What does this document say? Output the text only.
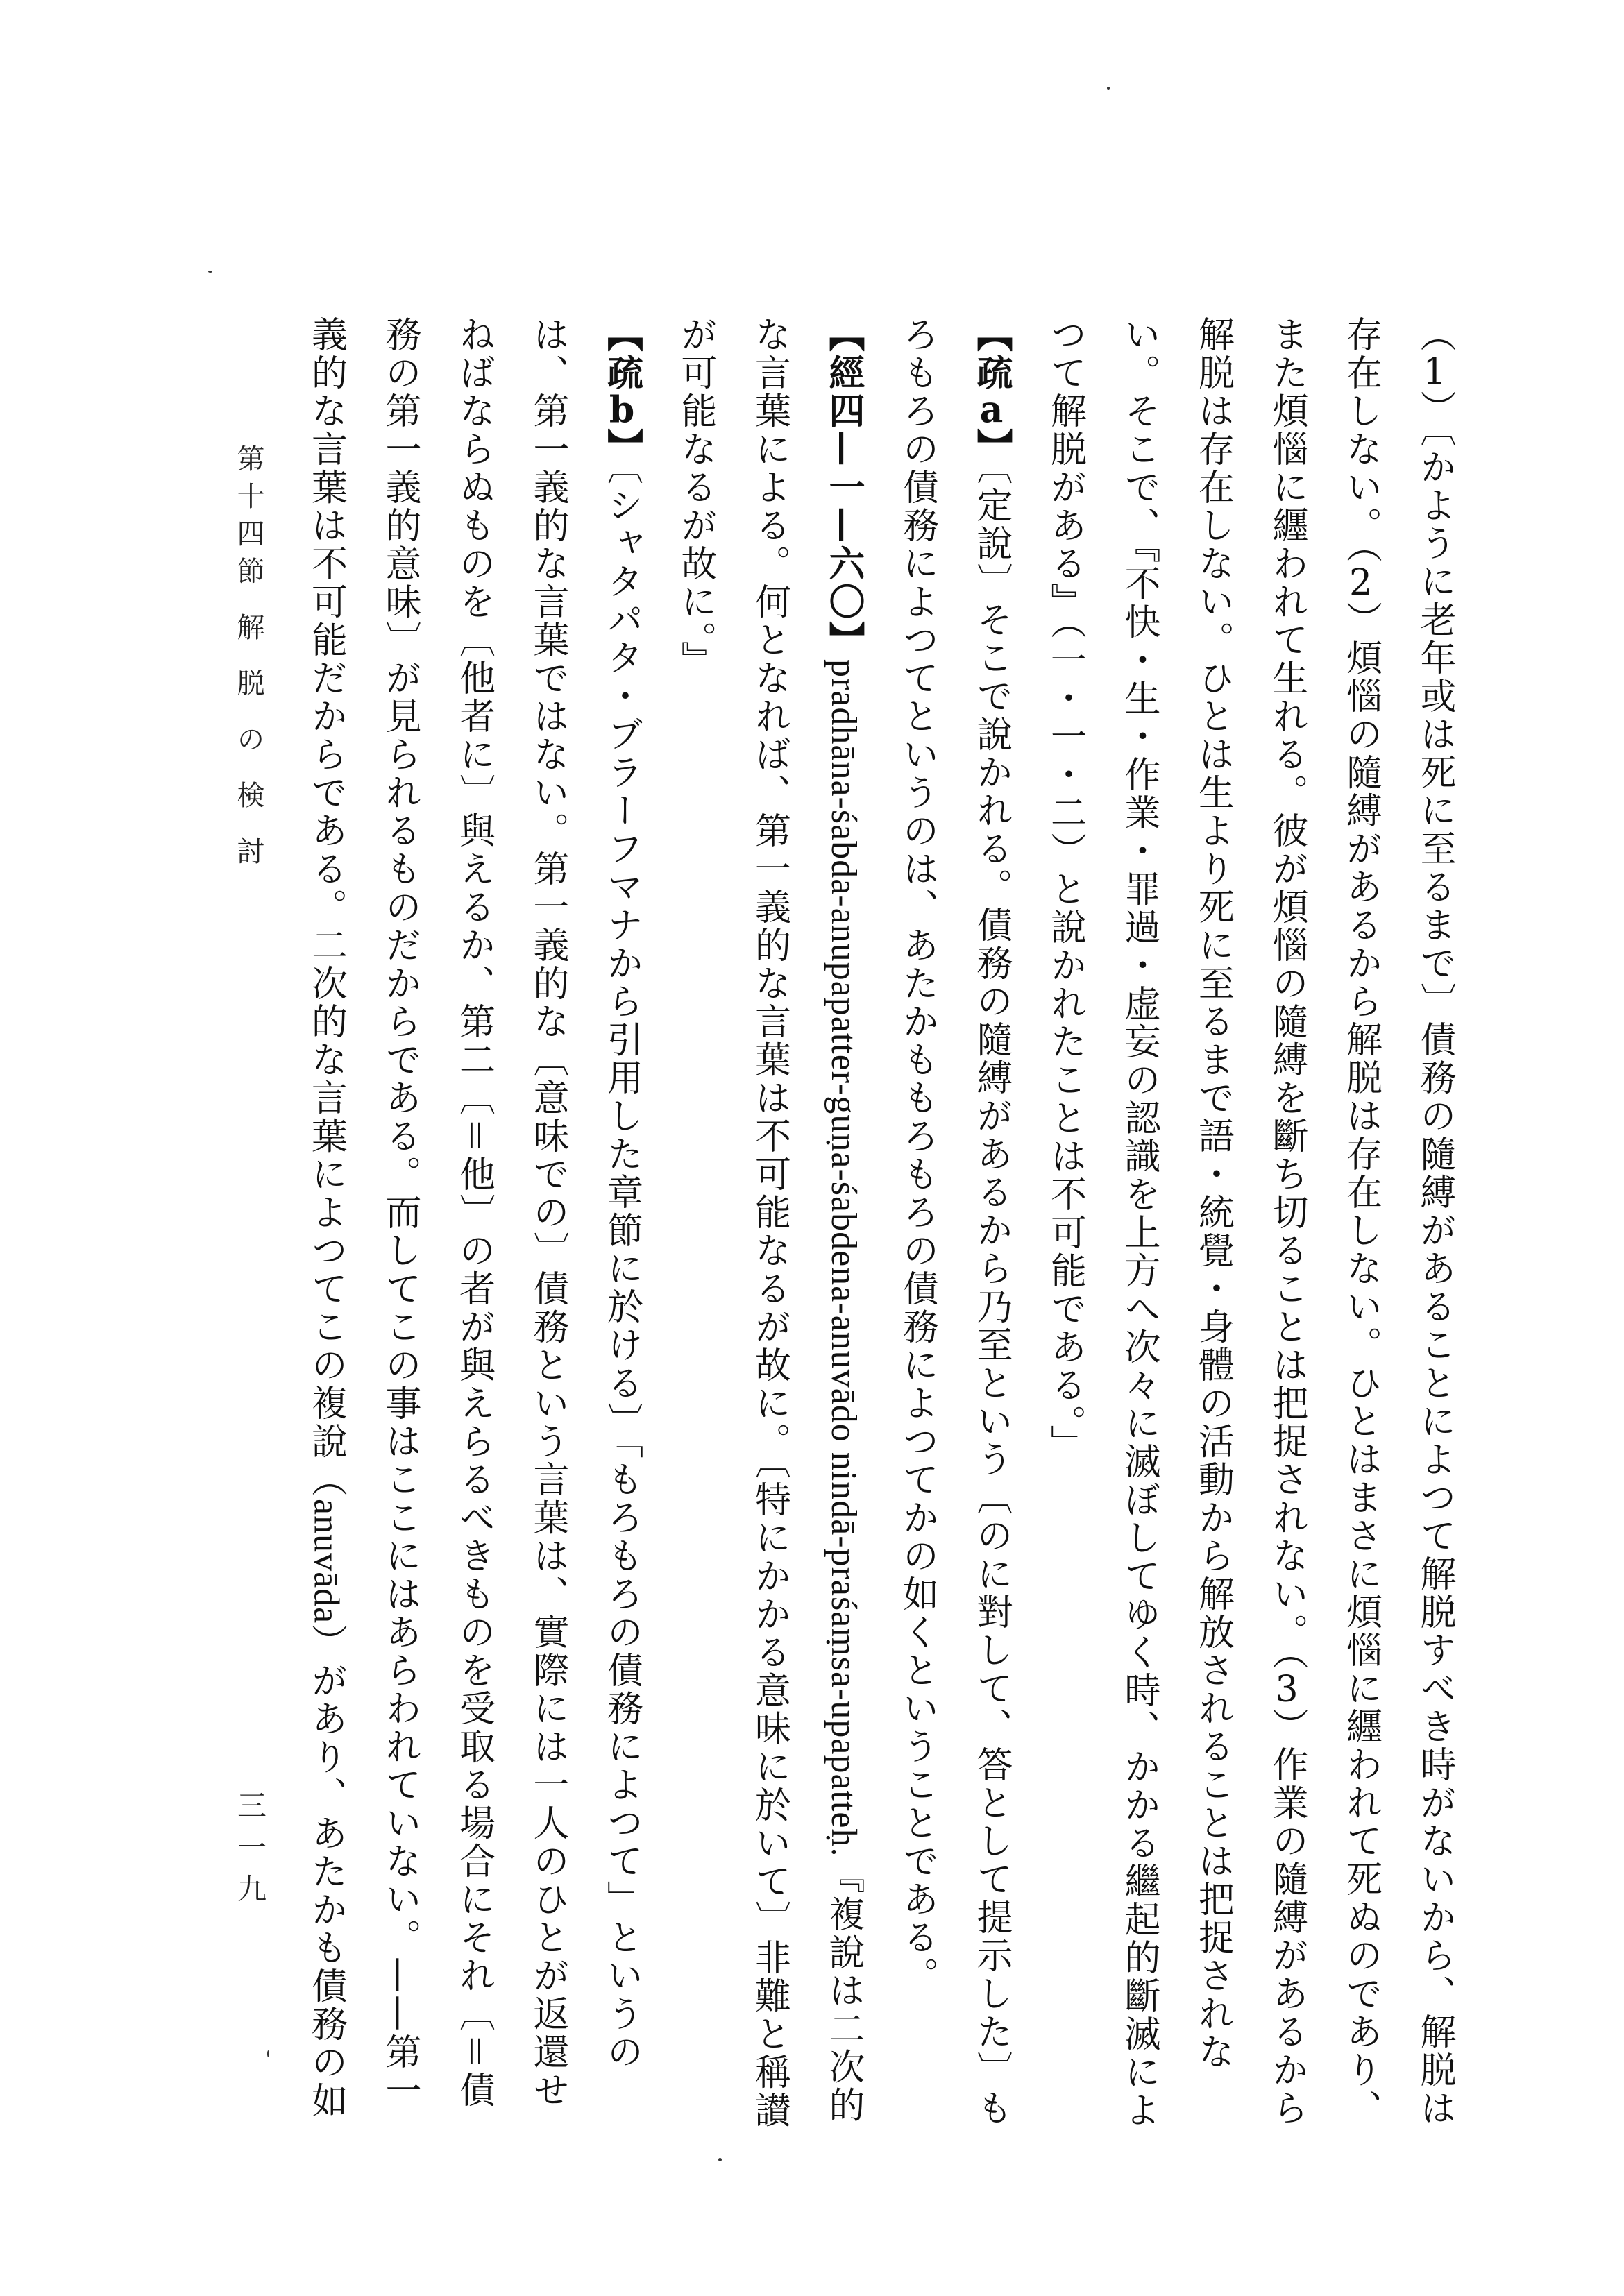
（1）〔かように老年或は死に至るまで〕債務の隨縛があることによつて解脱すべき時がないから、解脱は存在しない。（2）煩惱の隨縛があるから解脱は存在しない。ひとはまさに煩惱に纒われて死ぬのであり、また煩惱に纒われて生れる。彼が煩惱の隨縛を斷ち切ることは把捉されない。（3）作業の隨縛があるから解脱は存在しない。ひとは生より死に至るまで語・統覺・身體の活動から解放されることは把捉されない。そこで、『不快・生・作業・罪過・虚妄の認識を上方へ次々に滅ぼしてゆく時、かかる繼起的斷滅によつて解脱がある』（一・一・二）と說かれたことは不可能である。」

【疏a】〔定說〕そこで說かれる。債務の隨縛があるから乃至という〔のに對して、答として提示した〕もろもろの債務によつてというのは、あたかももろもろの債務によつてかの如くということである。

【經四—一—六〇】pradhāna-śabda-anupapatter-guṇa-śabdena-anuvādo nindā-praśaṃsa-upapatteḥ.『複說は二次的な言葉による。何となれば、第一義的な言葉は不可能なるが故に。〔特にかかる意味に於いて〕非難と稱讃が可能なるが故に。』

【疏b】〔シャタパタ・ブラーフマナから引用した章節に於ける〕「もろもろの債務によつて」というのは、第一義的な言葉ではない。第一義的な〔意味での〕債務という言葉は、實際には一人のひとが返還せねばならぬものを〔他者に〕與えるか、第二〔＝他〕の者が與えらるべきものを受取る場合にそれ〔＝債務の第一義的意味〕が見られるものだからである。而してこの事はここにはあらわれていない。——第一義的な言葉は不可能だからである。二次的な言葉によつてこの複說（anuvāda）があり、あたかも債務の如

第十四節 解 脱 の 検 討
三一九
